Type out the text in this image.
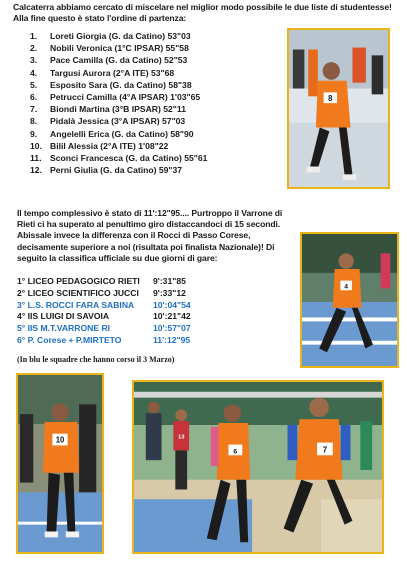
Calcaterra abbiamo cercato di miscelare nel miglior modo possibile le due liste di studentesse! Alla fine questo è stato l'ordine di partenza:
1.	Loreti Giorgia (G. da Catino) 53"03
2.	Nobili Veronica (1°C IPSAR) 55"58
3.	Pace Camilla (G. da Catino) 52"53
4.	Targusi Aurora (2°A ITE) 53"68
5.	Esposito Sara (G. da Catino) 58"38
6.	Petrucci Camilla (4°A IPSAR) 1'03"65
7.	Biondi Martina (3°B IPSAR) 52"11
8.	Pidalà Jessica (3°A IPSAR) 57"03
9.	Angelelli Erica (G. da Catino) 58"90
10. Bilil Alessia (2°A ITE) 1'08"22
11. Sconci Francesca (G. da Catino) 55"61
12. Perni Giulia (G. da Catino) 59"37
8
Il tempo complessivo è stato di 11':12"95.... Purtroppo il Varrone di Rieti ci ha superato al penultimo giro distaccandoci di 15 secondi. Abissale invece la differenza con il Rocci di Passo Corese, decisamente superiore a noi (risultata poi finalista Nazionale)! Di seguito la classifica ufficiale su due giorni di gare:
4
1° LICEO PEDAGOGICO RIETI	9':31"85
2° LICEO SCIENTIFICO JUCCI	9':33"12
3° L.S. ROCCI FARA SABINA	10':04"54
4° IIS LUIGI DI SAVOIA	10':21"42
5° IIS M.T.VARRONE RI	10':57"07
6° P. Corese + P.MIRTETO	11':12"95
(In blu le squadre che hanno corso il 3 Marzo)
10	13
6	7
